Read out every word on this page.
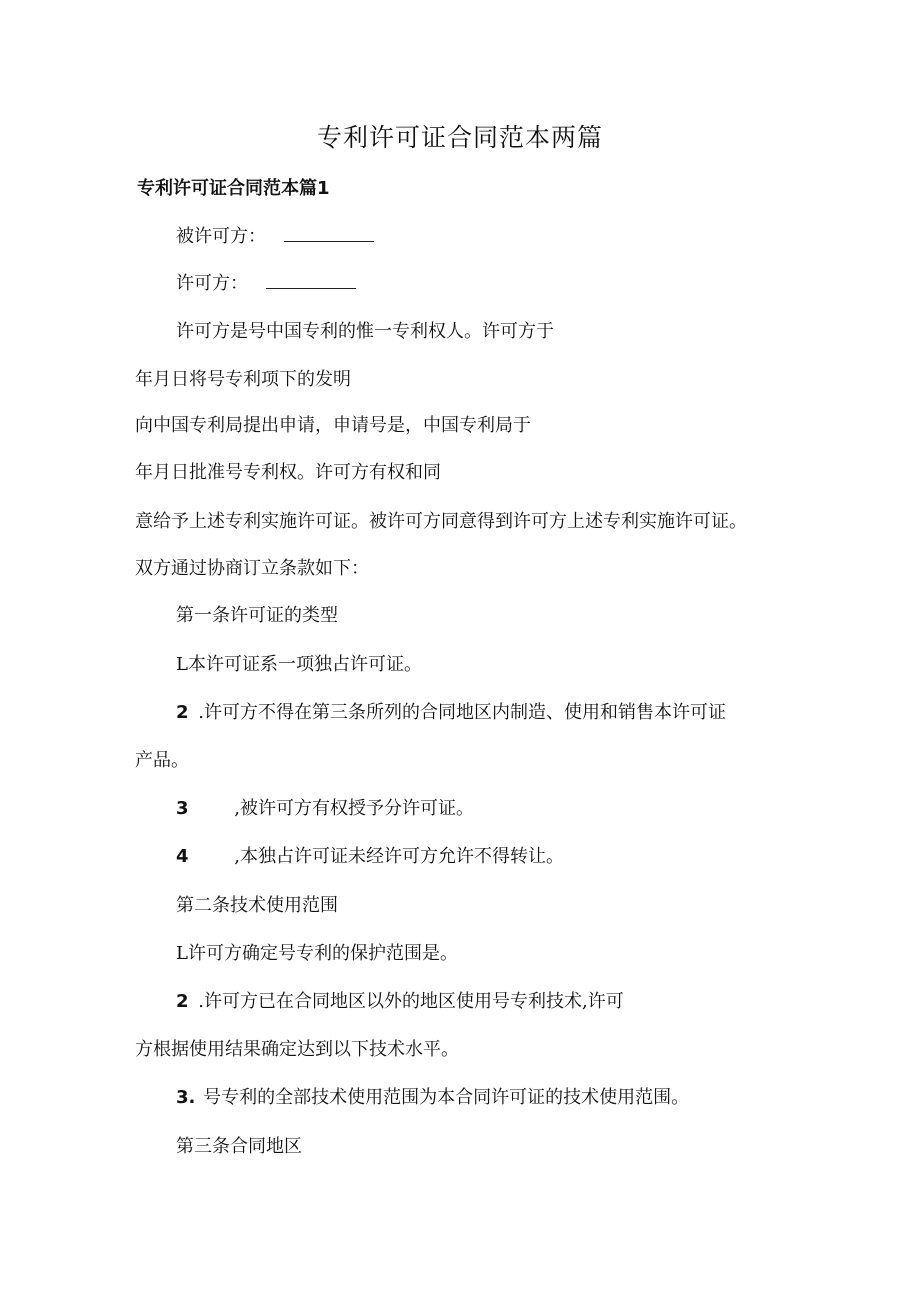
专利许可证合同范本两篇
专利许可证合同范本篇1

被许可方：

许可方：

许可方是号中国专利的惟一专利权人。许可方于

年月日将号专利项下的发明

向中国专利局提出申请，申请号是，中国专利局于

年月日批准号专利权。许可方有权和同

意给予上述专利实施许可证。被许可方同意得到许可方上述专利实施许可证。

双方通过协商订立条款如下：

第一条许可证的类型

L本许可证系一项独占许可证。

2 .许可方不得在第三条所列的合同地区内制造、使用和销售本许可证

产品。

3	,被许可方有权授予分许可证。

4	,本独占许可证未经许可方允许不得转让。

第二条技术使用范围

L许可方确定号专利的保护范围是。

2 .许可方已在合同地区以外的地区使用号专利技术,许可

方根据使用结果确定达到以下技术水平。

3. 号专利的全部技术使用范围为本合同许可证的技术使用范围。

第三条合同地区
